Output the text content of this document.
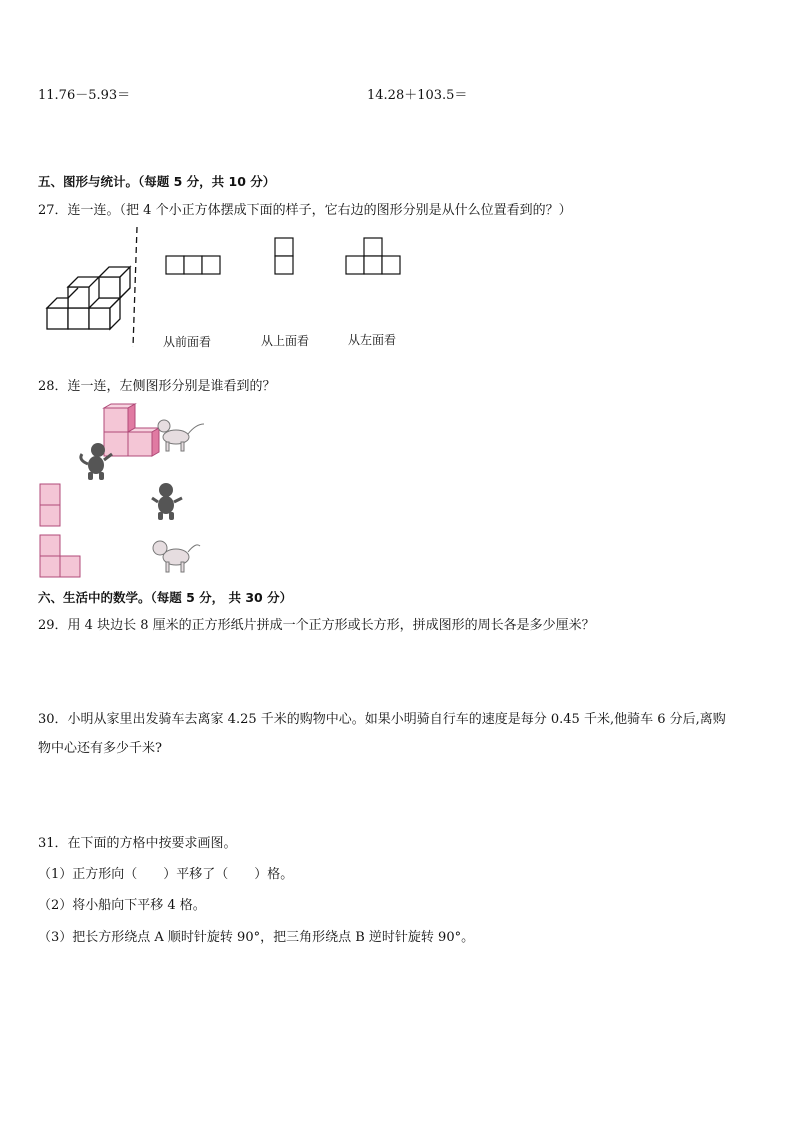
11.76－5.93＝	14.28＋103.5＝
五、图形与统计。（每题 5 分，共 10 分）
27．连一连。（把 4 个小正方体摆成下面的样子，它右边的图形分别是从什么位置看到的？）
从前面看	从上面看	从左面看
28．连一连，左侧图形分别是谁看到的？
六、生活中的数学。（每题 5 分， 共 30 分）
29．用 4 块边长 8 厘米的正方形纸片拼成一个正方形或长方形，拼成图形的周长各是多少厘米？
30．小明从家里出发骑车去离家 4.25 千米的购物中心。如果小明骑自行车的速度是每分 0.45 千米,他骑车 6 分后,离购
物中心还有多少千米?
31．在下面的方格中按要求画图。
（1）正方形向（　　）平移了（　　）格。
（2）将小船向下平移 4 格。
（3）把长方形绕点 A 顺时针旋转 90°，把三角形绕点 B 逆时针旋转 90°。
